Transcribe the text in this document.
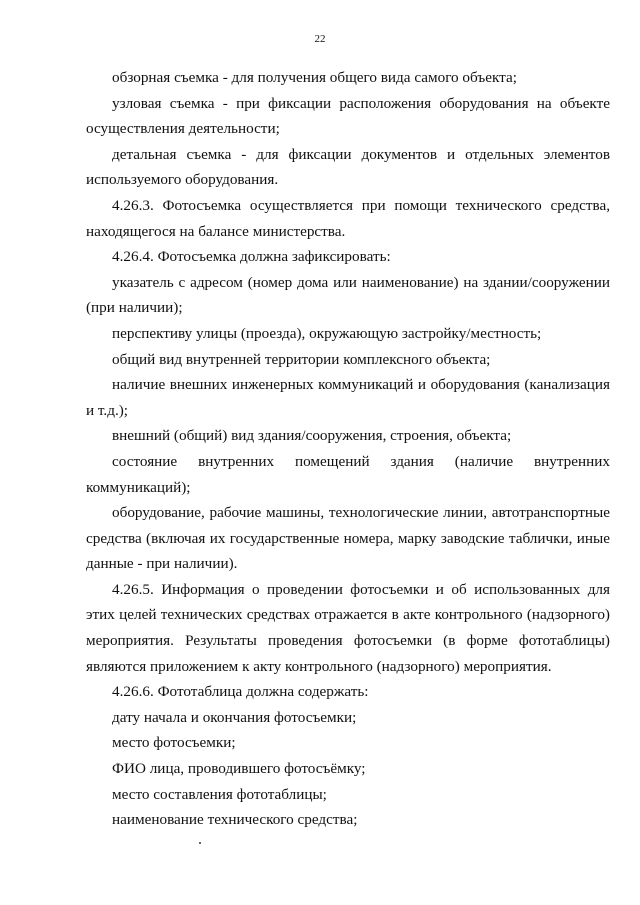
22

обзорная съемка - для получения общего вида самого объекта;

узловая съемка - при фиксации расположения оборудования на объекте осуществления деятельности;

детальная съемка - для фиксации документов и отдельных элементов используемого оборудования.

4.26.3. Фотосъемка осуществляется при помощи технического средства, находящегося на балансе министерства.

4.26.4. Фотосъемка должна зафиксировать:

указатель с адресом (номер дома или наименование) на здании/сооружении (при наличии);

перспективу улицы (проезда), окружающую застройку/местность;

общий вид внутренней территории комплексного объекта;

наличие внешних инженерных коммуникаций и оборудования (канализация и т.д.);

внешний (общий) вид здания/сооружения, строения, объекта;

состояние внутренних помещений здания (наличие внутренних коммуникаций);

оборудование, рабочие машины, технологические линии, автотранспортные средства (включая их государственные номера, марку заводские таблички, иные данные - при наличии).

4.26.5. Информация о проведении фотосъемки и об использованных для этих целей технических средствах отражается в акте контрольного (надзорного) мероприятия. Результаты проведения фотосъемки (в форме фототаблицы) являются приложением к акту контрольного (надзорного) мероприятия.

4.26.6. Фототаблица должна содержать:

дату начала и окончания фотосъемки;

место фотосъемки;

ФИО лица, проводившего фотосъёмку;

место составления фототаблицы;

наименование технического средства;
